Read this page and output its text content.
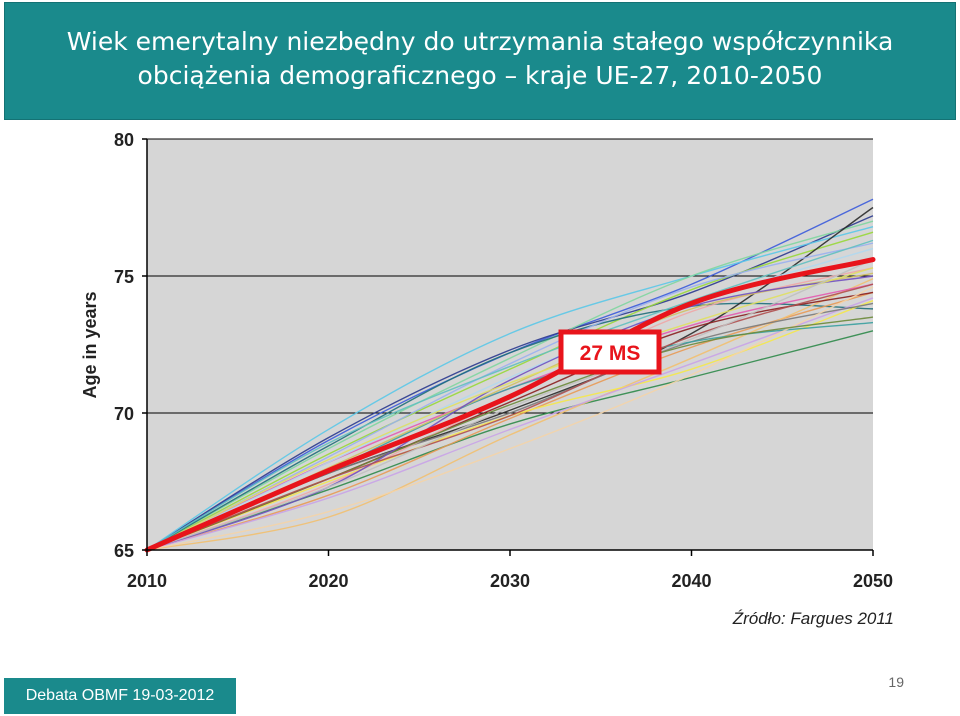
Wiek emerytalny niezbędny do utrzymania stałego współczynnika
obciążenia demograficznego – kraje UE-27, 2010-2050
65
70
75
80
2010	2020	2030	2040	2050
Age in years	27 MS
Źródło: Fargues 2011
Debata OBMF 19-03-2012
19
